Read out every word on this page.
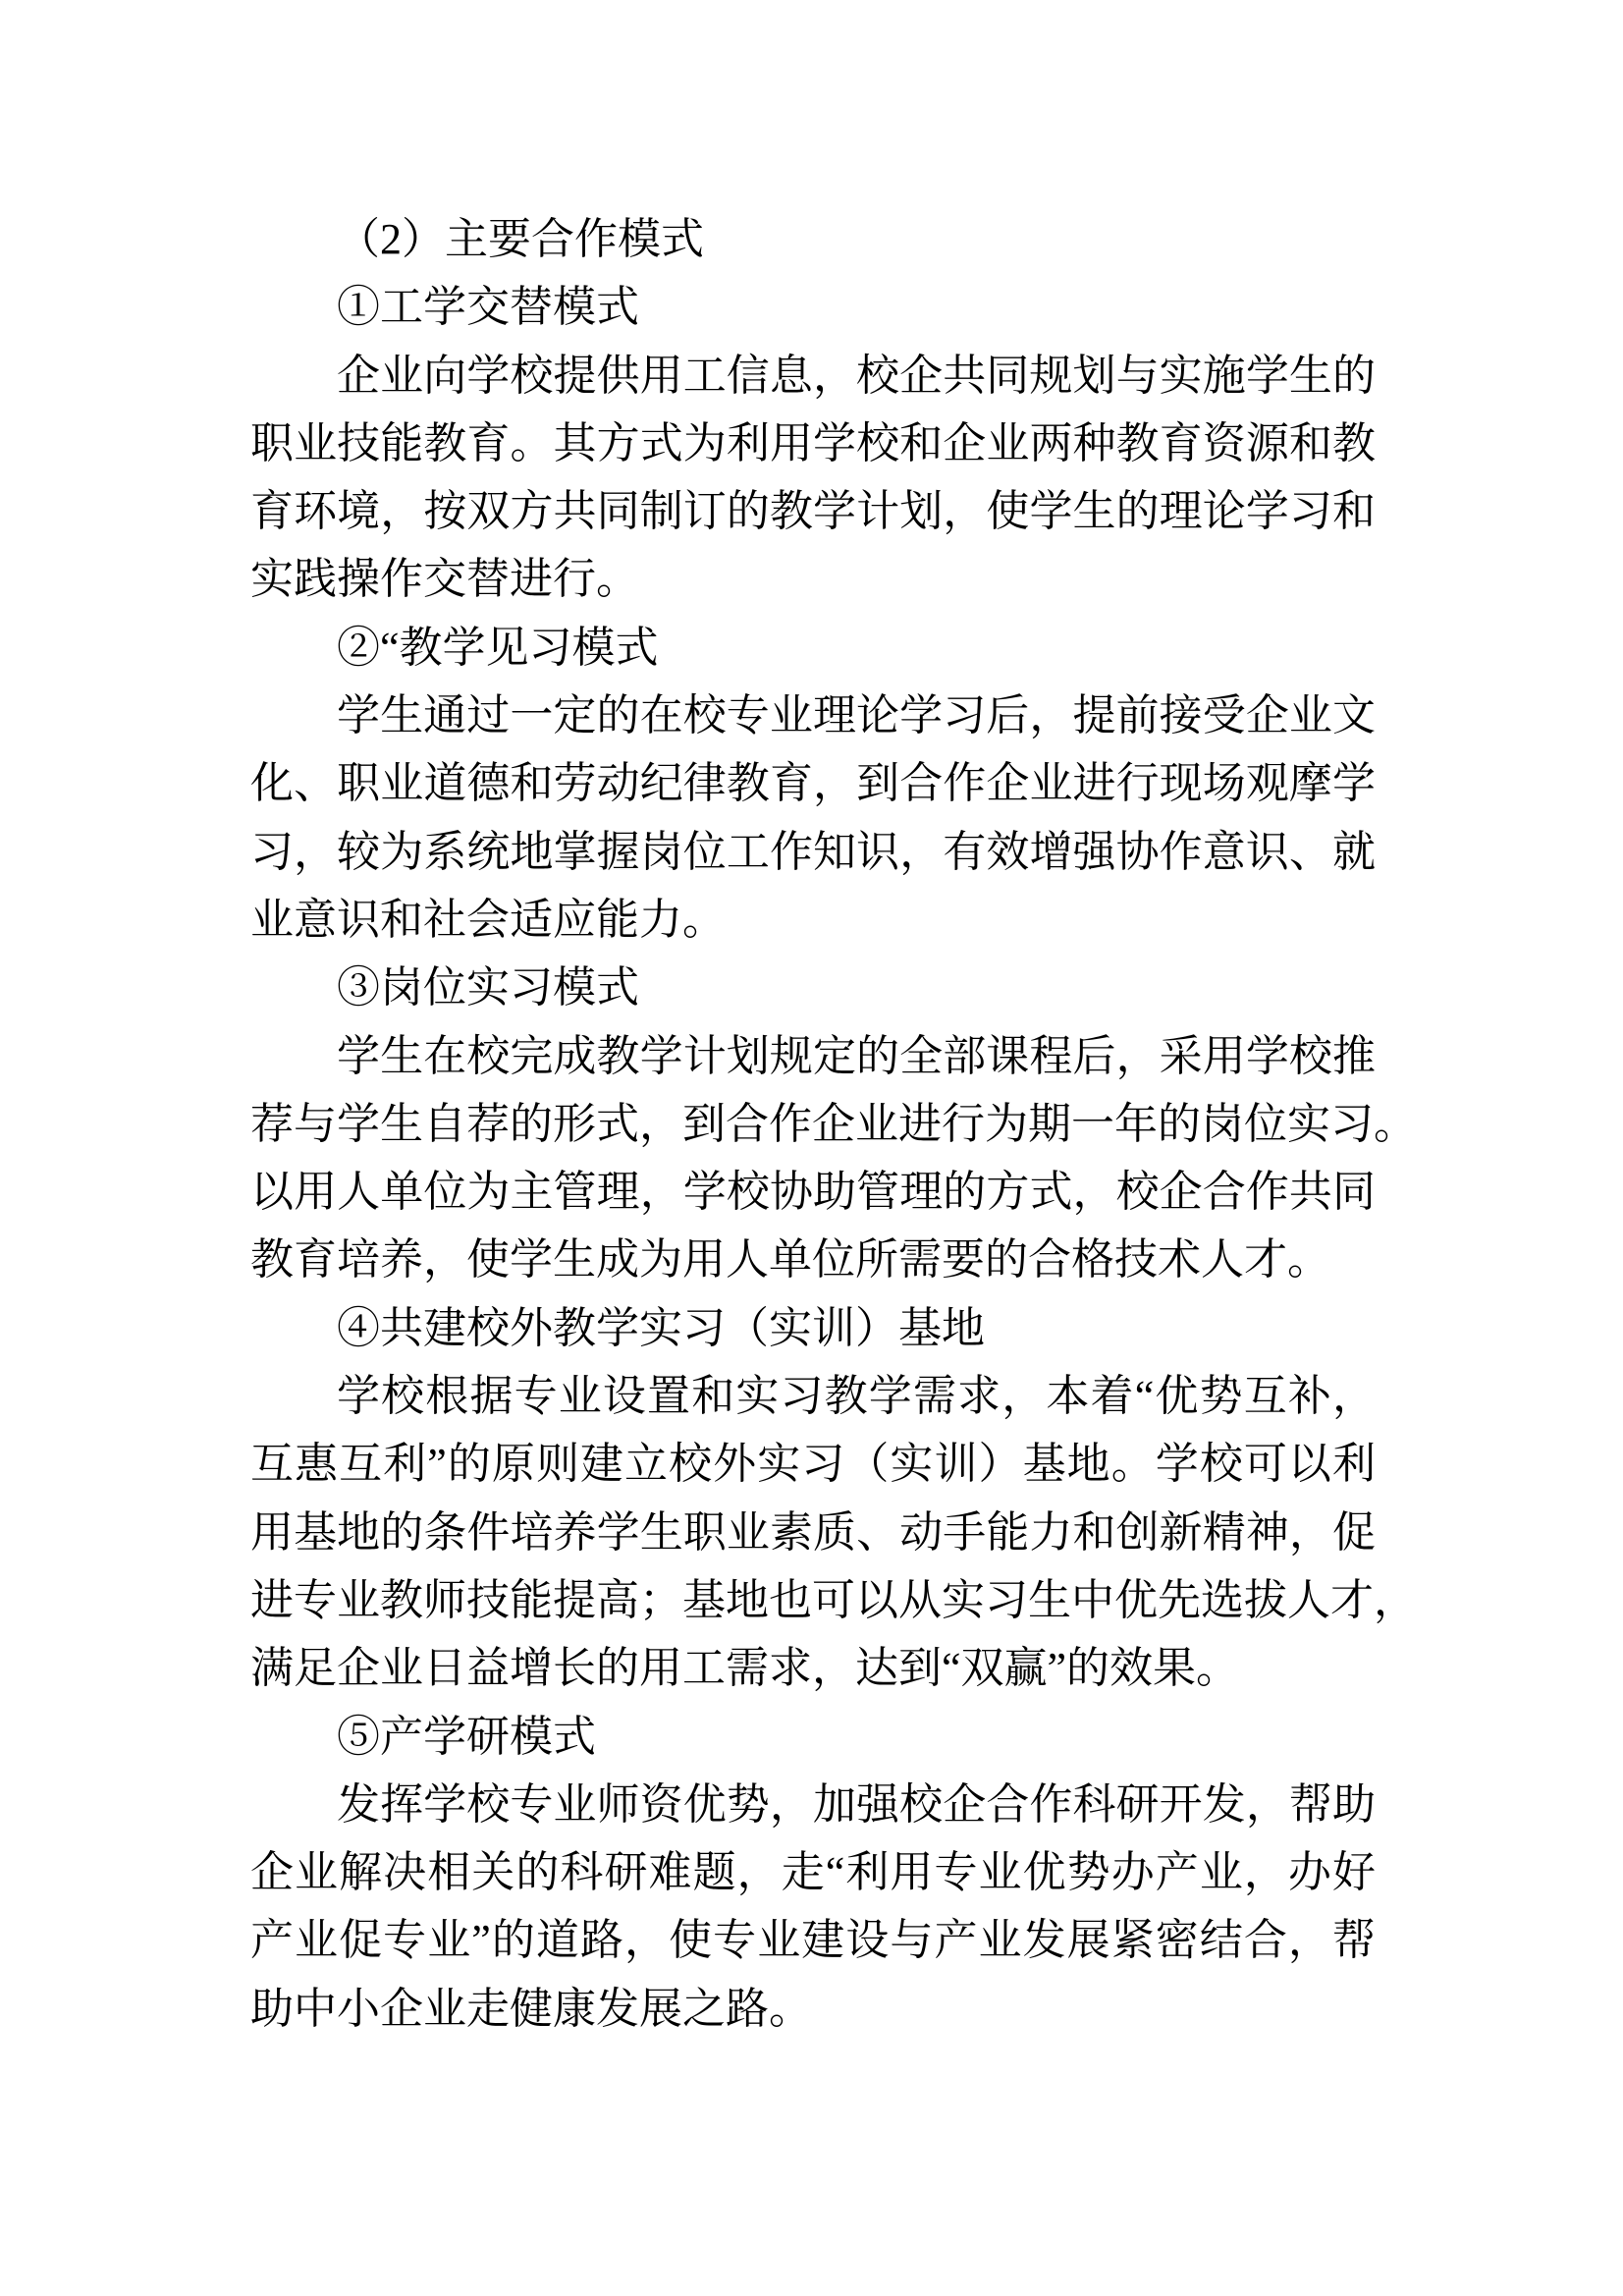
（2）主要合作模式
①工学交替模式
企业向学校提供用工信息，校企共同规划与实施学生的
职业技能教育。其方式为利用学校和企业两种教育资源和教
育环境，按双方共同制订的教学计划，使学生的理论学习和
实践操作交替进行。
②“教学见习模式
学生通过一定的在校专业理论学习后，提前接受企业文
化、职业道德和劳动纪律教育，到合作企业进行现场观摩学
习，较为系统地掌握岗位工作知识，有效增强协作意识、就
业意识和社会适应能力。
③岗位实习模式
学生在校完成教学计划规定的全部课程后，采用学校推
荐与学生自荐的形式，到合作企业进行为期一年的岗位实习。
以用人单位为主管理，学校协助管理的方式，校企合作共同
教育培养，使学生成为用人单位所需要的合格技术人才。
④共建校外教学实习（实训）基地
学校根据专业设置和实习教学需求，本着“优势互补，
互惠互利”的原则建立校外实习（实训）基地。学校可以利
用基地的条件培养学生职业素质、动手能力和创新精神，促
进专业教师技能提高；基地也可以从实习生中优先选拔人才，
满足企业日益增长的用工需求，达到“双赢”的效果。
⑤产学研模式
发挥学校专业师资优势，加强校企合作科研开发，帮助
企业解决相关的科研难题，走“利用专业优势办产业，办好
产业促专业”的道路，使专业建设与产业发展紧密结合，帮
助中小企业走健康发展之路。
